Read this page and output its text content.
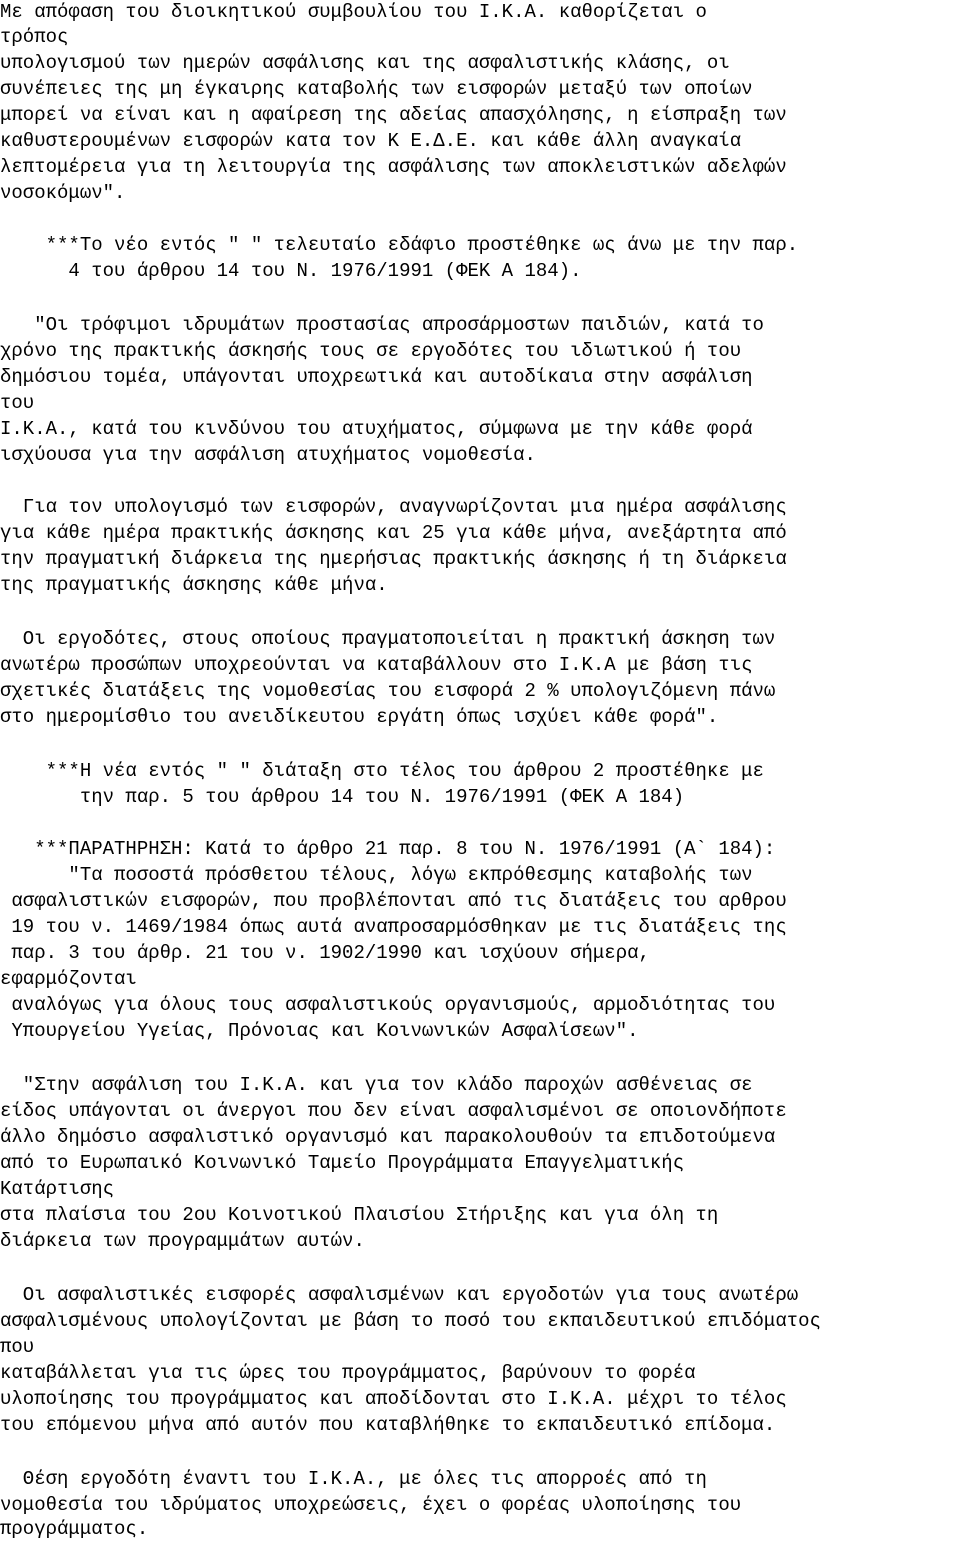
Με απόφαση του διοικητικού συμβουλίου του Ι.Κ.Α. καθορίζεται ο

τρόπος

υπολογισμού των ημερών ασφάλισης και της ασφαλιστικής κλάσης, οι

συνέπειες της μη έγκαιρης καταβολής των εισφορών μεταξύ των οποίων

μπορεί να είναι και η αφαίρεση της αδείας απασχόλησης, η είσπραξη των

καθυστερουμένων εισφορών κατα τον Κ Ε.Δ.Ε. και κάθε άλλη αναγκαία

λεπτομέρεια για τη λειτουργία της ασφάλισης των αποκλειστικών αδελφών

νοσοκόμων".

***Το νέο εντός " " τελευταίο εδάφιο προστέθηκε ως άνω με την παρ.

4 του άρθρου 14 του Ν. 1976/1991 (ΦΕΚ Α 184).

"Οι τρόφιμοι ιδρυμάτων προστασίας απροσάρμοστων παιδιών, κατά το

χρόνο της πρακτικής άσκησής τους σε εργοδότες του ιδιωτικού ή του

δημόσιου τομέα, υπάγονται υποχρεωτικά και αυτοδίκαια στην ασφάλιση

του

Ι.Κ.Α., κατά του κινδύνου του ατυχήματος, σύμφωνα με την κάθε φορά

ισχύουσα για την ασφάλιση ατυχήματος νομοθεσία.

Για τον υπολογισμό των εισφορών, αναγνωρίζονται μια ημέρα ασφάλισης

για κάθε ημέρα πρακτικής άσκησης και 25 για κάθε μήνα, ανεξάρτητα από

την πραγματική διάρκεια της ημερήσιας πρακτικής άσκησης ή τη διάρκεια

της πραγματικής άσκησης κάθε μήνα.

Οι εργοδότες, στους οποίους πραγματοποιείται η πρακτική άσκηση των

ανωτέρω προσώπων υποχρεούνται να καταβάλλουν στο Ι.Κ.Α με βάση τις

σχετικές διατάξεις της νομοθεσίας του εισφορά 2 % υπολογιζόμενη πάνω

στο ημερομίσθιο του ανειδίκευτου εργάτη όπως ισχύει κάθε φορά".

***Η νέα εντός " " διάταξη στο τέλος του άρθρου 2 προστέθηκε με

την παρ. 5 του άρθρου 14 του Ν. 1976/1991 (ΦΕΚ Α 184)

***ΠΑΡΑΤΗΡΗΣΗ: Κατά το άρθρο 21 παρ. 8 του Ν. 1976/1991 (Α` 184):

"Τα ποσοστά πρόσθετου τέλους, λόγω εκπρόθεσμης καταβολής των

ασφαλιστικών εισφορών, που προβλέπονται από τις διατάξεις του αρθρου

19 του ν. 1469/1984 όπως αυτά αναπροσαρμόσθηκαν με τις διατάξεις της

παρ. 3 του άρθρ. 21 του ν. 1902/1990 και ισχύουν σήμερα,

εφαρμόζονται

αναλόγως για όλους τους ασφαλιστικούς οργανισμούς, αρμοδιότητας του

Υπουργείου Υγείας, Πρόνοιας και Κοινωνικών Ασφαλίσεων".

"Στην ασφάλιση του Ι.Κ.Α. και για τον κλάδο παροχών ασθένειας σε

είδος υπάγονται οι άνεργοι που δεν είναι ασφαλισμένοι σε οποιονδήποτε

άλλο δημόσιο ασφαλιστικό οργανισμό και παρακολουθούν τα επιδοτούμενα

από το Ευρωπαικό Κοινωνικό Ταμείο Προγράμματα Επαγγελματικής

Κατάρτισης

στα πλαίσια του 2ου Κοινοτικού Πλαισίου Στήριξης και για όλη τη

διάρκεια των προγραμμάτων αυτών.

Οι ασφαλιστικές εισφορές ασφαλισμένων και εργοδοτών για τους ανωτέρω

ασφαλισμένους υπολογίζονται με βάση το ποσό του εκπαιδευτικού επιδόματος

που

καταβάλλεται για τις ώρες του προγράμματος, βαρύνουν το φορέα

υλοποίησης του προγράμματος και αποδίδονται στο Ι.Κ.Α. μέχρι το τέλος

του επόμενου μήνα από αυτόν που καταβλήθηκε το εκπαιδευτικό επίδομα.

Θέση εργοδότη έναντι του Ι.Κ.Α., με όλες τις απορρoές από τη

νομοθεσία του ιδρύματος υποχρεώσεις, έχει ο φορέας υλοποίησης του

προγράμματος.
